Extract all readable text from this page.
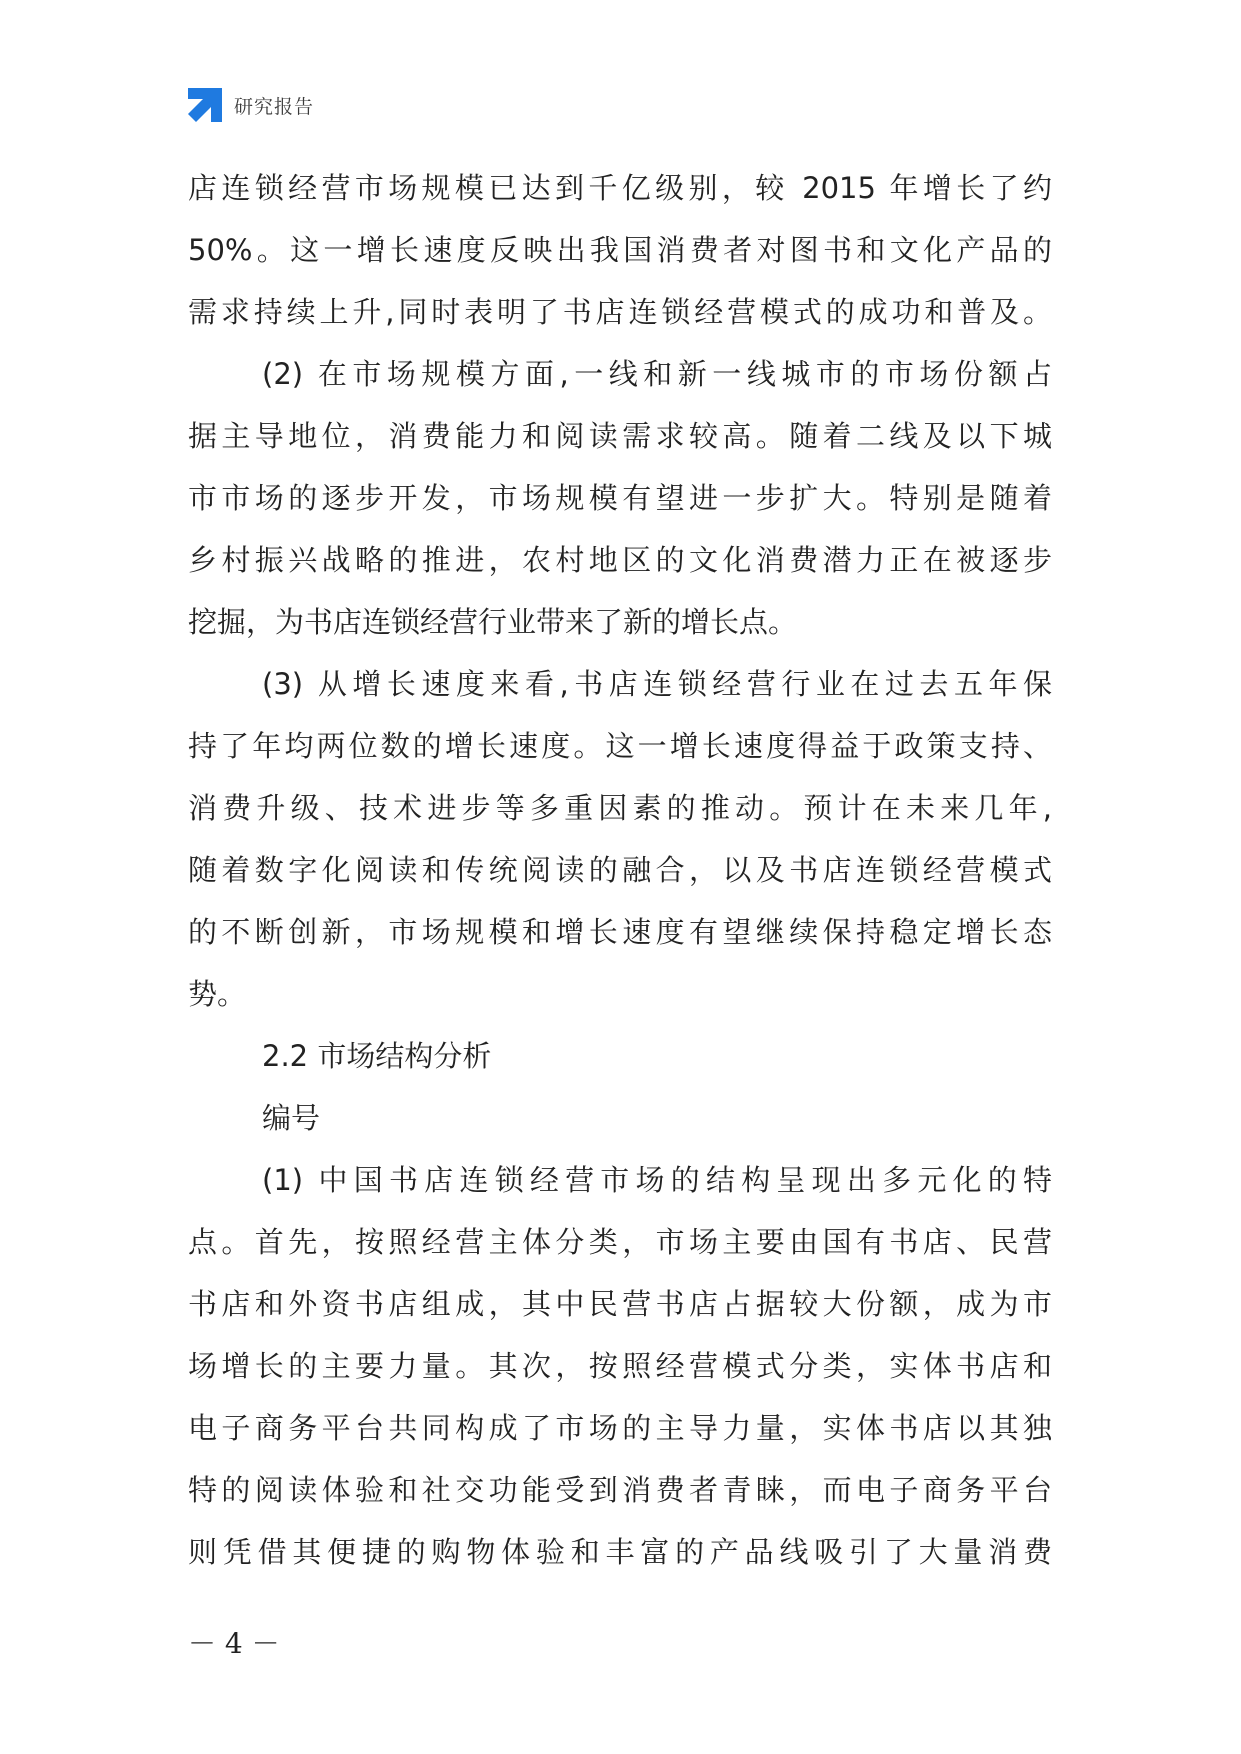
研究报告
店连锁经营市场规模已达到千亿级别，较 2015 年增长了约
50%。这一增长速度反映出我国消费者对图书和文化产品的
需求持续上升,同时表明了书店连锁经营模式的成功和普及。
(2) 在市场规模方面,一线和新一线城市的市场份额占
据主导地位，消费能力和阅读需求较高。随着二线及以下城
市市场的逐步开发，市场规模有望进一步扩大。特别是随着
乡村振兴战略的推进，农村地区的文化消费潜力正在被逐步
挖掘，为书店连锁经营行业带来了新的增长点。
(3) 从增长速度来看,书店连锁经营行业在过去五年保
持了年均两位数的增长速度。这一增长速度得益于政策支持、
消费升级、技术进步等多重因素的推动。预计在未来几年,
随着数字化阅读和传统阅读的融合，以及书店连锁经营模式
的不断创新，市场规模和增长速度有望继续保持稳定增长态
势。
2.2 市场结构分析
编号
(1) 中国书店连锁经营市场的结构呈现出多元化的特
点。首先，按照经营主体分类，市场主要由国有书店、民营
书店和外资书店组成，其中民营书店占据较大份额，成为市
场增长的主要力量。其次，按照经营模式分类，实体书店和
电子商务平台共同构成了市场的主导力量，实体书店以其独
特的阅读体验和社交功能受到消费者青睐，而电子商务平台
则凭借其便捷的购物体验和丰富的产品线吸引了大量消费
－ 4 －
